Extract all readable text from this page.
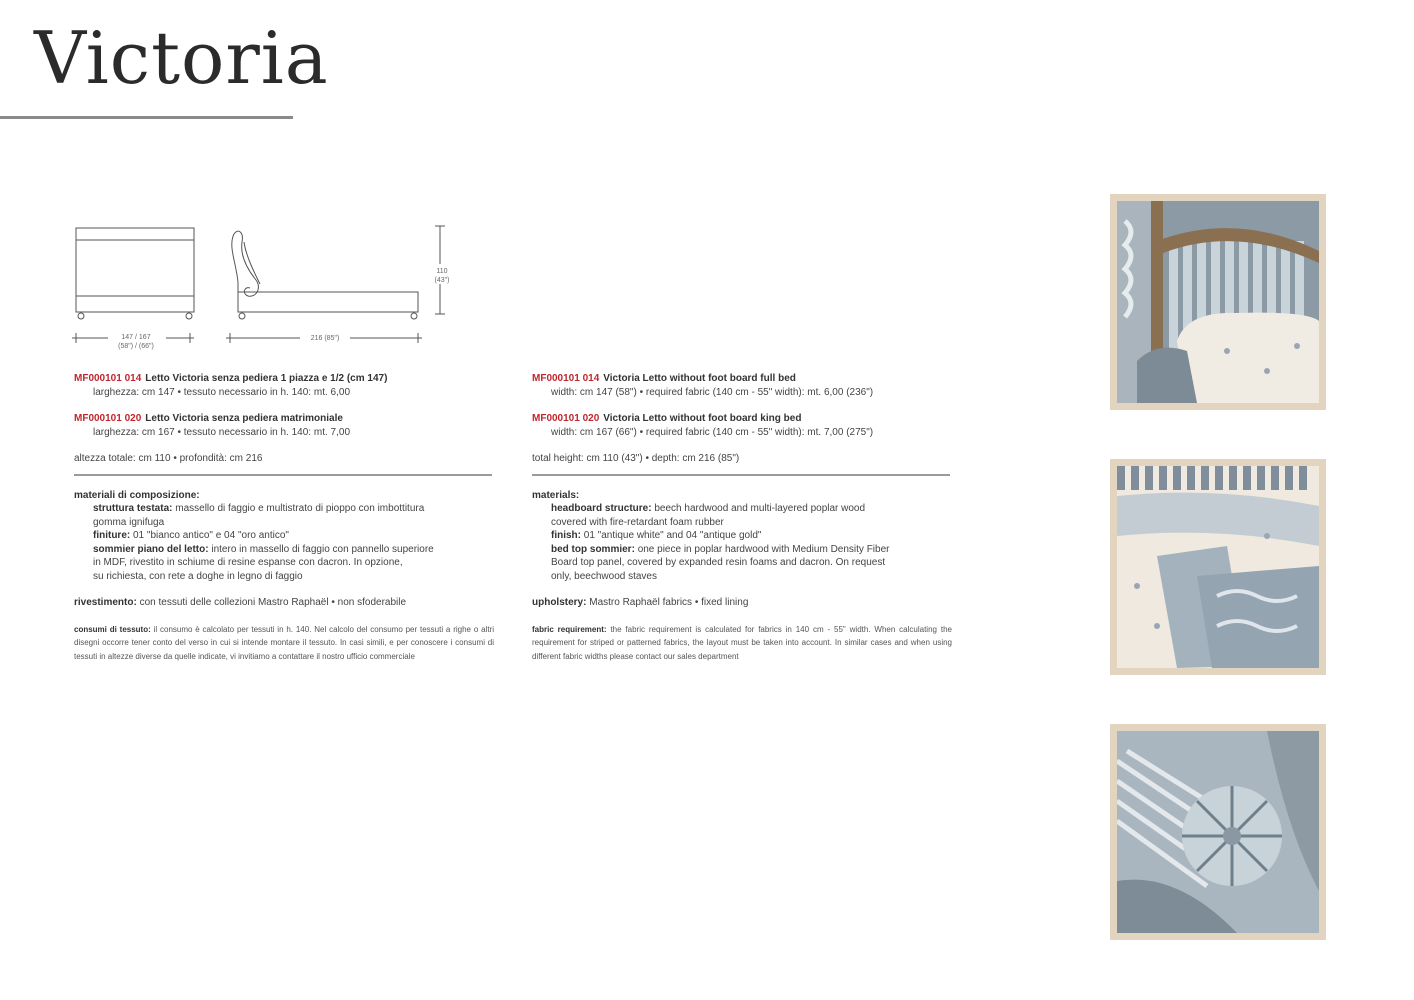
Victoria
147 / 167
(58") / (66")
216 (85")
110
(43")
MF000101 014 Letto Victoria senza pediera 1 piazza e 1/2 (cm 147)
larghezza: cm 147 • tessuto necessario in h. 140: mt. 6,00
MF000101 020 Letto Victoria senza pediera matrimoniale
larghezza: cm 167 • tessuto necessario in h. 140: mt. 7,00
altezza totale: cm 110 • profondità: cm 216
materiali di composizione:
struttura testata: massello di faggio e multistrato di pioppo con imbottitura
gomma ignifuga
finiture: 01 "bianco antico" e 04 "oro antico"
sommier piano del letto: intero in massello di faggio con pannello superiore
in MDF, rivestito in schiume di resine espanse con dacron. In opzione,
su richiesta, con rete a doghe in legno di faggio
rivestimento: con tessuti delle collezioni Mastro Raphaël • non sfoderabile
consumi di tessuto: il consumo è calcolato per tessuti in h. 140. Nel calcolo del consumo per tessuti a righe o altri disegni occorre tener conto del verso in cui si intende montare il tessuto. In casi simili, e per conoscere i consumi di tessuti in altezze diverse da quelle indicate, vi invitiamo a contattare il nostro ufficio commerciale
MF000101 014 Victoria Letto without foot board full bed
width: cm 147 (58") • required fabric (140 cm - 55" width): mt. 6,00 (236")
MF000101 020 Victoria Letto without foot board king bed
width: cm 167 (66") • required fabric (140 cm - 55" width): mt. 7,00 (275")
total height: cm 110 (43") • depth: cm 216 (85")
materials:
headboard structure: beech hardwood and multi-layered poplar wood
covered with fire-retardant foam rubber
finish: 01 "antique white" and 04 "antique gold"
bed top sommier: one piece in poplar hardwood with Medium Density Fiber
Board top panel, covered by expanded resin foams and dacron. On request
only, beechwood staves
upholstery: Mastro Raphaël fabrics • fixed lining
fabric requirement: the fabric requirement is calculated for fabrics in 140 cm - 55" width. When calculating the requirement for striped or patterned fabrics, the layout must be taken into account. In similar cases and when using different fabric widths please contact our sales department
